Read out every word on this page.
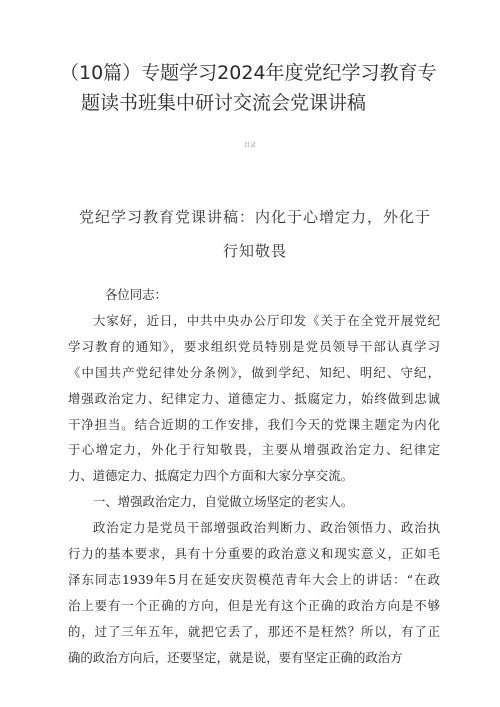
（10篇）专题学习2024年度党纪学习教育专
题读书班集中研讨交流会党课讲稿
目录
党纪学习教育党课讲稿：内化于心增定力，外化于
行知敬畏

各位同志：

大家好，近日，中共中央办公厅印发《关于在全党开展党纪
学习教育的通知》，要求组织党员特别是党员领导干部认真学习
《中国共产党纪律处分条例》，做到学纪、知纪、明纪、守纪，
增强政治定力、纪律定力、道德定力、抵腐定力，始终做到忠诚
干净担当。结合近期的工作安排，我们今天的党课主题定为内化
于心增定力，外化于行知敬畏，主要从增强政治定力、纪律定
力、道德定力、抵腐定力四个方面和大家分享交流。

一、增强政治定力，自觉做立场坚定的老实人。

政治定力是党员干部增强政治判断力、政治领悟力、政治执
行力的基本要求，具有十分重要的政治意义和现实意义，正如毛
泽东同志1939年5月在延安庆贺模范青年大会上的讲话：“在政
治上要有一个正确的方向，但是光有这个正确的政治方向是不够
的，过了三年五年，就把它丢了，那还不是枉然？所以，有了正
确的政治方向后，还要坚定，就是说，要有坚定正确的政治方
